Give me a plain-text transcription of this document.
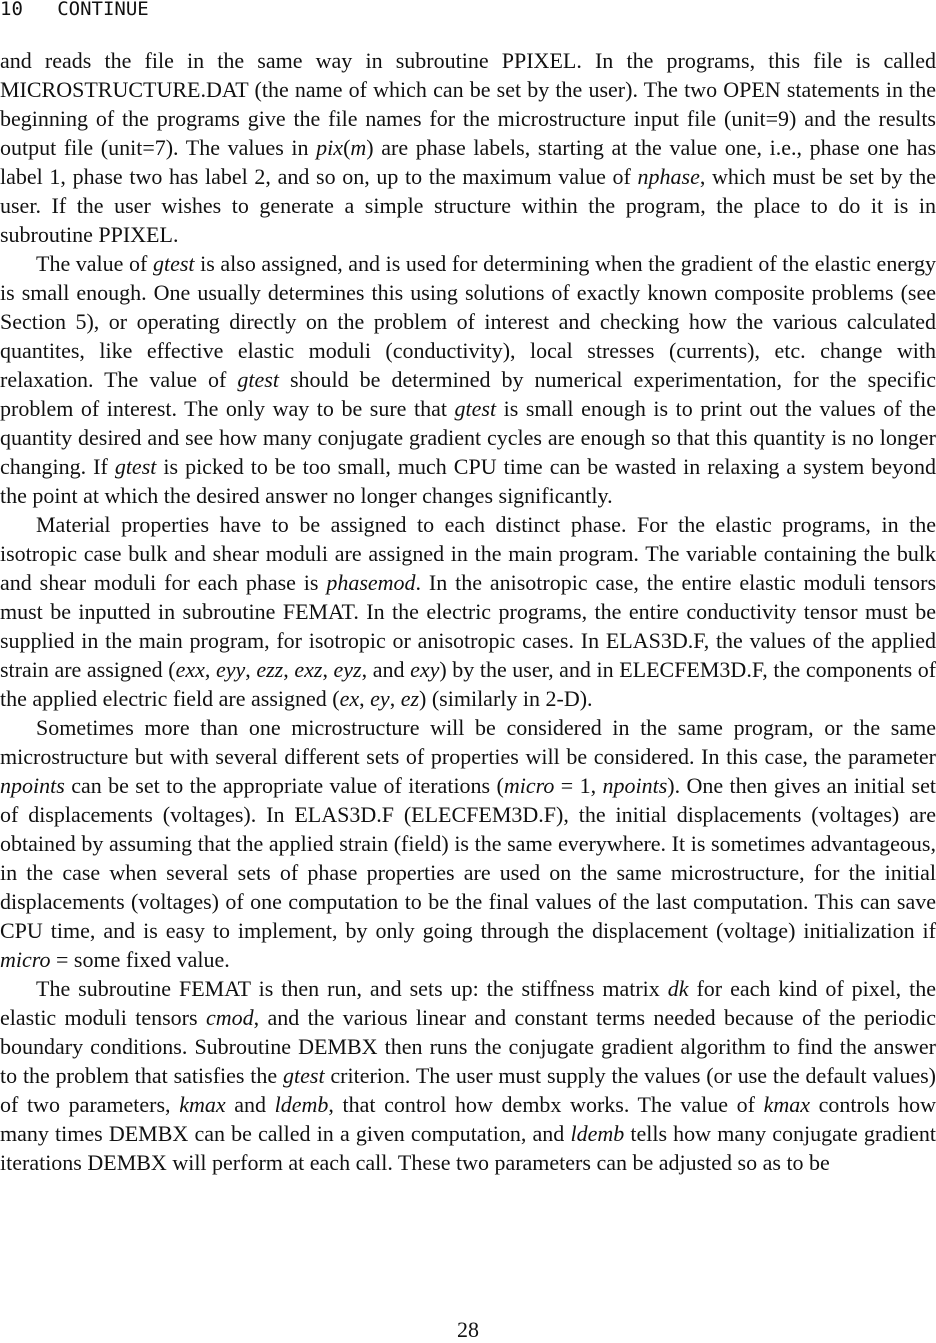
10 CONTINUE

and reads the file in the same way in subroutine PPIXEL. In the programs, this file is called MICROSTRUCTURE.DAT (the name of which can be set by the user). The two OPEN statements in the beginning of the programs give the file names for the microstructure input file (unit=9) and the results output file (unit=7). The values in pix(m) are phase labels, starting at the value one, i.e., phase one has label 1, phase two has label 2, and so on, up to the maximum value of nphase, which must be set by the user. If the user wishes to generate a simple structure within the program, the place to do it is in subroutine PPIXEL.

The value of gtest is also assigned, and is used for determining when the gradient of the elastic energy is small enough. One usually determines this using solutions of exactly known composite problems (see Section 5), or operating directly on the problem of interest and checking how the various calculated quantites, like effective elastic moduli (conductivity), local stresses (currents), etc. change with relaxation. The value of gtest should be determined by numerical experimentation, for the specific problem of interest. The only way to be sure that gtest is small enough is to print out the values of the quantity desired and see how many conjugate gradient cycles are enough so that this quantity is no longer changing. If gtest is picked to be too small, much CPU time can be wasted in relaxing a system beyond the point at which the desired answer no longer changes significantly.

Material properties have to be assigned to each distinct phase. For the elastic programs, in the isotropic case bulk and shear moduli are assigned in the main program. The variable containing the bulk and shear moduli for each phase is phasemod. In the anisotropic case, the entire elastic moduli tensors must be inputted in subroutine FEMAT. In the electric programs, the entire conductivity tensor must be supplied in the main program, for isotropic or anisotropic cases. In ELAS3D.F, the values of the applied strain are assigned (exx, eyy, ezz, exz, eyz, and exy) by the user, and in ELECFEM3D.F, the components of the applied electric field are assigned (ex, ey, ez) (similarly in 2-D).

Sometimes more than one microstructure will be considered in the same program, or the same microstructure but with several different sets of properties will be considered. In this case, the parameter npoints can be set to the appropriate value of iterations (micro = 1, npoints). One then gives an initial set of displacements (voltages). In ELAS3D.F (ELECFEM3D.F), the initial displacements (voltages) are obtained by assuming that the applied strain (field) is the same everywhere. It is sometimes advantageous, in the case when several sets of phase properties are used on the same microstructure, for the initial displacements (voltages) of one computation to be the final values of the last computation. This can save CPU time, and is easy to implement, by only going through the displacement (voltage) initialization if micro = some fixed value.

The subroutine FEMAT is then run, and sets up: the stiffness matrix dk for each kind of pixel, the elastic moduli tensors cmod, and the various linear and constant terms needed because of the periodic boundary conditions. Subroutine DEMBX then runs the conjugate gradient algorithm to find the answer to the problem that satisfies the gtest criterion. The user must supply the values (or use the default values) of two parameters, kmax and ldemb, that control how dembx works. The value of kmax controls how many times DEMBX can be called in a given computation, and ldemb tells how many conjugate gradient iterations DEMBX will perform at each call. These two parameters can be adjusted so as to be

28
